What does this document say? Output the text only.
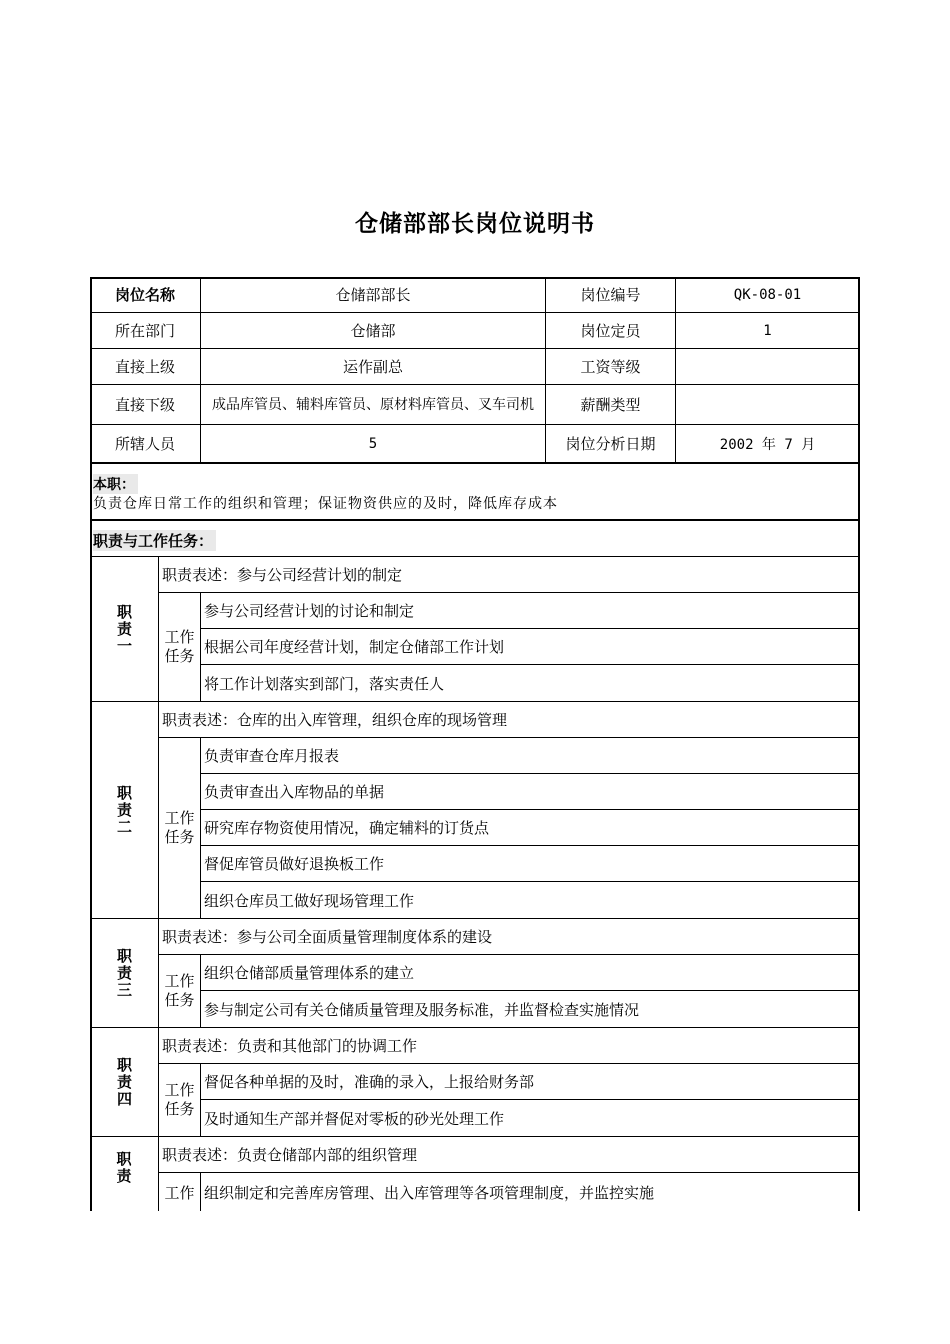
仓储部部长岗位说明书
岗位名称	仓储部部长	岗位编号	QK-08-01
所在部门	仓储部	岗位定员	1
直接上级	运作副总	工资等级
直接下级	成品库管员、辅料库管员、原材料库管员、叉车司机	薪酬类型
所辖人员	5	岗位分析日期	2002 年 7 月
本职：
负责仓库日常工作的组织和管理；保证物资供应的及时，降低库存成本
职责与工作任务：
职责一
职责表述：参与公司经营计划的制定
工作任务
参与公司经营计划的讨论和制定
根据公司年度经营计划，制定仓储部工作计划
将工作计划落实到部门，落实责任人
职责二
职责表述：仓库的出入库管理，组织仓库的现场管理
工作任务
负责审查仓库月报表
负责审查出入库物品的单据
研究库存物资使用情况，确定辅料的订货点
督促库管员做好退换板工作
组织仓库员工做好现场管理工作
职责三
职责表述：参与公司全面质量管理制度体系的建设
工作任务
组织仓储部质量管理体系的建立
参与制定公司有关仓储质量管理及服务标准，并监督检查实施情况
职责四
职责表述：负责和其他部门的协调工作
工作任务
督促各种单据的及时，准确的录入，上报给财务部
及时通知生产部并督促对零板的砂光处理工作
职责 职责表述：负责仓储部内部的组织管理
工作 组织制定和完善库房管理、出入库管理等各项管理制度，并监控实施
